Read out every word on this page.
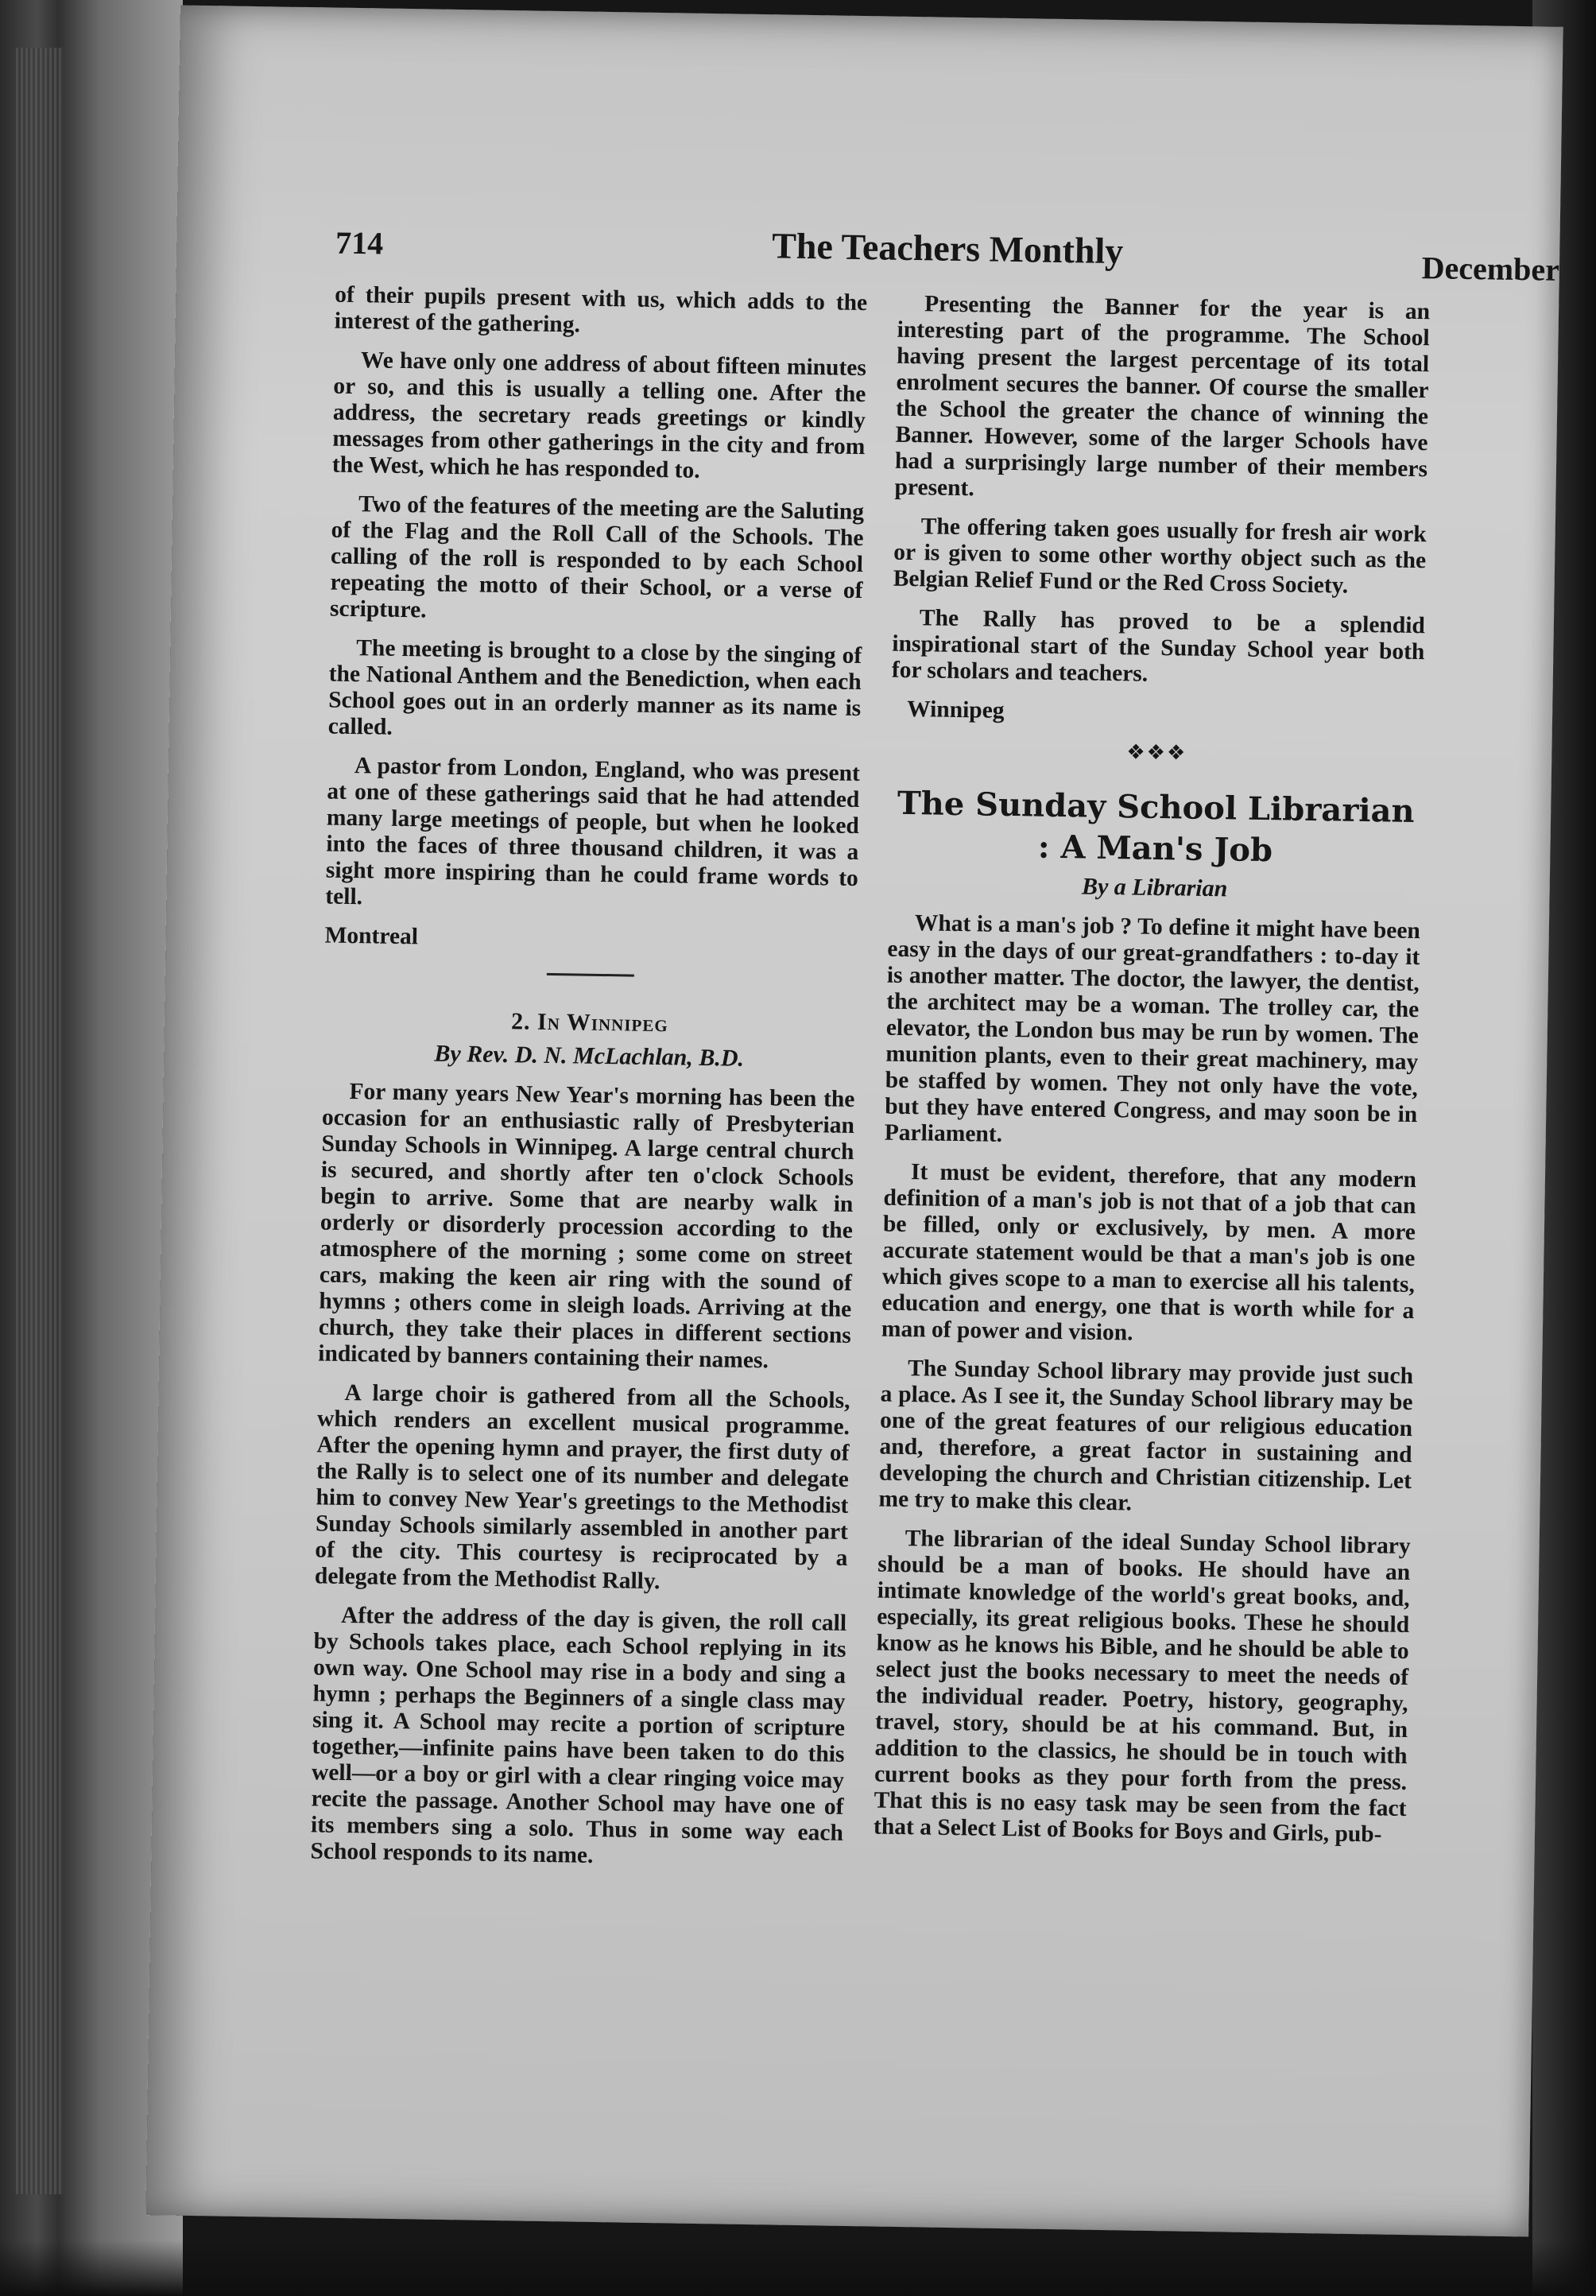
714	The Teachers Monthly	December

of their pupils present with us, which adds to the interest of the gathering.

We have only one address of about fifteen minutes or so, and this is usually a telling one. After the address, the secretary reads greetings or kindly messages from other gatherings in the city and from the West, which he has responded to.

Two of the features of the meeting are the Saluting of the Flag and the Roll Call of the Schools. The calling of the roll is responded to by each School repeating the motto of their School, or a verse of scripture.

The meeting is brought to a close by the singing of the National Anthem and the Benediction, when each School goes out in an orderly manner as its name is called.

A pastor from London, England, who was present at one of these gatherings said that he had attended many large meetings of people, but when he looked into the faces of three thousand children, it was a sight more inspiring than he could frame words to tell.

Montreal

2. In Winnipeg
By Rev. D. N. McLachlan, B.D.

For many years New Year's morning has been the occasion for an enthusiastic rally of Presbyterian Sunday Schools in Winnipeg. A large central church is secured, and shortly after ten o'clock Schools begin to arrive. Some that are nearby walk in orderly or disorderly procession according to the atmosphere of the morning ; some come on street cars, making the keen air ring with the sound of hymns ; others come in sleigh loads. Arriving at the church, they take their places in different sections indicated by banners containing their names.

A large choir is gathered from all the Schools, which renders an excellent musical programme. After the opening hymn and prayer, the first duty of the Rally is to select one of its number and delegate him to convey New Year's greetings to the Methodist Sunday Schools similarly assembled in another part of the city. This courtesy is reciprocated by a delegate from the Methodist Rally.

After the address of the day is given, the roll call by Schools takes place, each School replying in its own way. One School may rise in a body and sing a hymn ; perhaps the Beginners of a single class may sing it. A School may recite a portion of scripture together,—infinite pains have been taken to do this well—or a boy or girl with a clear ringing voice may recite the passage. Another School may have one of its members sing a solo. Thus in some way each School responds to its name.

Presenting the Banner for the year is an interesting part of the programme. The School having present the largest percentage of its total enrolment secures the banner. Of course the smaller the School the greater the chance of winning the Banner. However, some of the larger Schools have had a surprisingly large number of their members present.

The offering taken goes usually for fresh air work or is given to some other worthy object such as the Belgian Relief Fund or the Red Cross Society.

The Rally has proved to be a splendid inspirational start of the Sunday School year both for scholars and teachers.

Winnipeg

❖❖❖
The Sunday School Librarian : A Man's Job
By a Librarian

What is a man's job ? To define it might have been easy in the days of our great-grandfathers : to-day it is another matter. The doctor, the lawyer, the dentist, the architect may be a woman. The trolley car, the elevator, the London bus may be run by women. The munition plants, even to their great machinery, may be staffed by women. They not only have the vote, but they have entered Congress, and may soon be in Parliament.

It must be evident, therefore, that any modern definition of a man's job is not that of a job that can be filled, only or exclusively, by men. A more accurate statement would be that a man's job is one which gives scope to a man to exercise all his talents, education and energy, one that is worth while for a man of power and vision.

The Sunday School library may provide just such a place. As I see it, the Sunday School library may be one of the great features of our religious education and, therefore, a great factor in sustaining and developing the church and Christian citizenship. Let me try to make this clear.

The librarian of the ideal Sunday School library should be a man of books. He should have an intimate knowledge of the world's great books, and, especially, its great religious books. These he should know as he knows his Bible, and he should be able to select just the books necessary to meet the needs of the individual reader. Poetry, history, geography, travel, story, should be at his command. But, in addition to the classics, he should be in touch with current books as they pour forth from the press. That this is no easy task may be seen from the fact that a Select List of Books for Boys and Girls, pub-
